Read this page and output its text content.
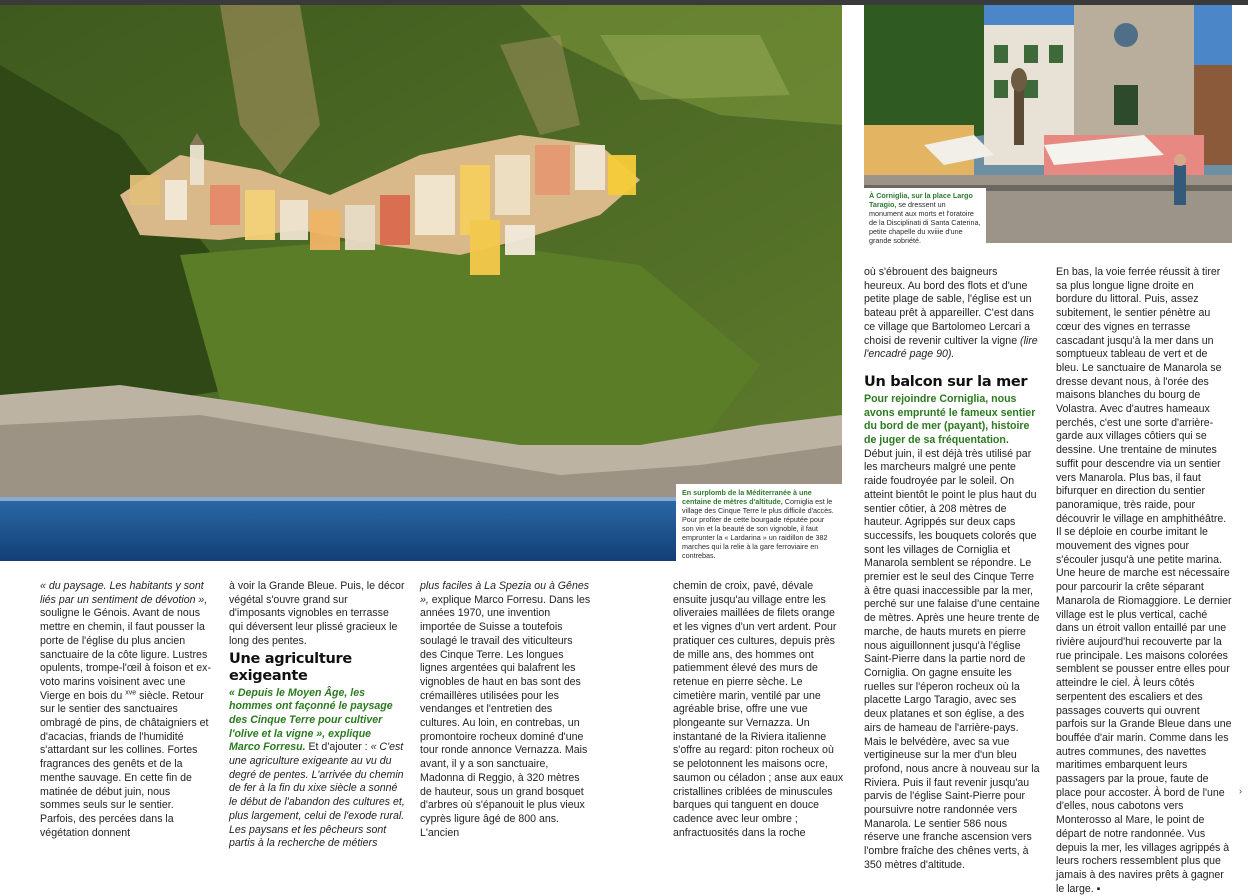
En surplomb de la Méditerranée à une centaine de mètres d'altitude, Corniglia est le village des Cinque Terre le plus difficile d'accès. Pour profiter de cette bourgade réputée pour son vin et la beauté de son vignoble, il faut emprunter la « Lardarina » un raidillon de 382 marches qui la relie à la gare ferroviaire en contrebas.
À Corniglia, sur la place Largo Taragio, se dressent un monument aux morts et l'oratoire de la Disciplinati di Santa Caterina, petite chapelle du xviiie d'une grande sobriété.

« du paysage. Les habitants y sont liés par un sentiment de dévotion », souligne le Génois. Avant de nous mettre en chemin, il faut pousser la porte de l'église du plus ancien sanctuaire de la côte ligure. Lustres opulents, trompe-l'œil à foison et ex-voto marins voisinent avec une Vierge en bois du $^{xve}$ siècle. Retour sur le sentier des sanctuaires ombragé de pins, de châtaigniers et d'acacias, friands de l'humidité s'attardant sur les collines. Fortes fragrances des genêts et de la menthe sauvage. En cette fin de matinée de début juin, nous sommes seuls sur le sentier. Parfois, des percées dans la végétation donnent

à voir la Grande Bleue. Puis, le décor végétal s'ouvre grand sur d'imposants vignobles en terrasse qui déversent leur plissé gracieux le long des pentes.

Une agriculture exigeante

« Depuis le Moyen Âge, les hommes ont façonné le paysage des Cinque Terre pour cultiver l'olive et la vigne », explique Marco Forresu. Et d'ajouter : « C'est une agriculture exigeante au vu du degré de pentes. L'arrivée du chemin de fer à la fin du xixe siècle a sonné le début de l'abandon des cultures et, plus largement, celui de l'exode rural. Les paysans et les pêcheurs sont partis à la recherche de métiers

plus faciles à La Spezia ou à Gênes », explique Marco Forresu. Dans les années 1970, une invention importée de Suisse a toutefois soulagé le travail des viticulteurs des Cinque Terre. Les longues lignes argentées qui balafrent les vignobles de haut en bas sont des crémaillères utilisées pour les vendanges et l'entretien des cultures. Au loin, en contrebas, un promontoire rocheux dominé d'une tour ronde annonce Vernazza. Mais avant, il y a son sanctuaire, Madonna di Reggio, à 320 mètres de hauteur, sous un grand bosquet d'arbres où s'épanouit le plus vieux cyprès ligure âgé de 800 ans. L'ancien

chemin de croix, pavé, dévale ensuite jusqu'au village entre les oliveraies maillées de filets orange et les vignes d'un vert ardent. Pour pratiquer ces cultures, depuis près de mille ans, des hommes ont patiemment élevé des murs de retenue en pierre sèche. Le cimetière marin, ventilé par une agréable brise, offre une vue plongeante sur Vernazza. Un instantané de la Riviera italienne s'offre au regard: piton rocheux où se pelotonnent les maisons ocre, saumon ou céladon ; anse aux eaux cristallines criblées de minuscules barques qui tanguent en douce cadence avec leur ombre ; anfractuosités dans la roche

où s'ébrouent des baigneurs heureux. Au bord des flots et d'une petite plage de sable, l'église est un bateau prêt à appareiller. C'est dans ce village que Bartolomeo Lercari a choisi de revenir cultiver la vigne (lire l'encadré page 90).

Un balcon sur la mer

Pour rejoindre Corniglia, nous avons emprunté le fameux sentier du bord de mer (payant), histoire de juger de sa fréquentation. Début juin, il est déjà très utilisé par les marcheurs malgré une pente raide foudroyée par le soleil. On atteint bientôt le point le plus haut du sentier côtier, à 208 mètres de hauteur. Agrippés sur deux caps successifs, les bouquets colorés que sont les villages de Corniglia et Manarola semblent se répondre. Le premier est le seul des Cinque Terre à être quasi inaccessible par la mer, perché sur une falaise d'une centaine de mètres. Après une heure trente de marche, de hauts murets en pierre nous aiguillonnent jusqu'à l'église Saint-Pierre dans la partie nord de Corniglia. On gagne ensuite les ruelles sur l'éperon rocheux où la placette Largo Taragio, avec ses deux platanes et son église, a des airs de hameau de l'arrière-pays. Mais le belvédère, avec sa vue vertigineuse sur la mer d'un bleu profond, nous ancre à nouveau sur la Riviera. Puis il faut revenir jusqu'au parvis de l'église Saint-Pierre pour poursuivre notre randonnée vers Manarola. Le sentier 586 nous réserve une franche ascension vers l'ombre fraîche des chênes verts, à 350 mètres d'altitude.

En bas, la voie ferrée réussit à tirer sa plus longue ligne droite en bordure du littoral. Puis, assez subitement, le sentier pénètre au cœur des vignes en terrasse cascadant jusqu'à la mer dans un somptueux tableau de vert et de bleu. Le sanctuaire de Manarola se dresse devant nous, à l'orée des maisons blanches du bourg de Volastra. Avec d'autres hameaux perchés, c'est une sorte d'arrière-garde aux villages côtiers qui se dessine. Une trentaine de minutes suffit pour descendre via un sentier vers Manarola. Plus bas, il faut bifurquer en direction du sentier panoramique, très raide, pour découvrir le village en amphithéâtre. Il se déploie en courbe imitant le mouvement des vignes pour s'écouler jusqu'à une petite marina. Une heure de marche est nécessaire pour parcourir la crête séparant Manarola de Riomaggiore. Le dernier village est le plus vertical, caché dans un étroit vallon entaillé par une rivière aujourd'hui recouverte par la rue principale. Les maisons colorées semblent se pousser entre elles pour atteindre le ciel. À leurs côtés serpentent des escaliers et des passages couverts qui ouvrent parfois sur la Grande Bleue dans une bouffée d'air marin. Comme dans les autres communes, des navettes maritimes embarquent leurs passagers par la proue, faute de place pour accoster. À bord de l'une d'elles, nous cabotons vers Monterosso al Mare, le point de départ de notre randonnée. Vus depuis la mer, les villages agrippés à leurs rochers ressemblent plus que jamais à des navires prêts à gagner le large. ▪

›
